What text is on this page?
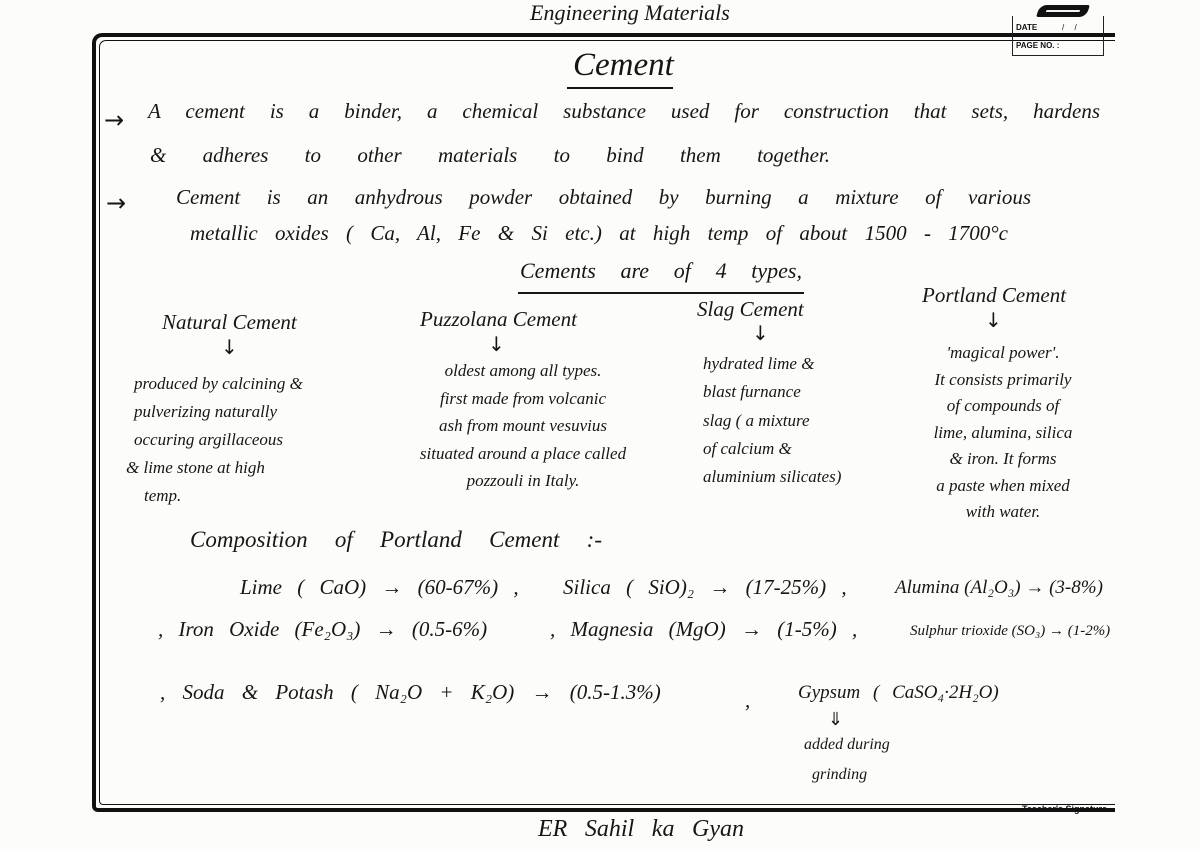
Engineering Materials
DATE	/ /
PAGE NO. :
Cement
→ A cement is a binder, a chemical substance used for construction that sets, hardens
& adheres to other materials to bind them together.
→ Cement is an anhydrous powder obtained by burning a mixture of various
metallic oxides ( Ca, Al, Fe & Si etc.) at high temp of about 1500 - 1700°c
Cements are of 4 types,
Natural Cement
↓
produced by calcining &
pulverizing naturally
occuring argillaceous
& lime stone at high
temp.
Puzzolana Cement
↓
oldest among all types.
first made from volcanic
ash from mount vesuvius
situated around a place called
pozzouli in Italy.
Slag Cement
↓
hydrated lime &
blast furnance
slag ( a mixture
of calcium &
aluminium silicates)
Portland Cement
↓
'magical power'.
It consists primarily
of compounds of
lime, alumina, silica
& iron. It forms
a paste when mixed
with water.
Composition of Portland Cement :-
Lime ( CaO) → (60-67%) , Silica ( SiO)₂ → (17-25%) ,	Alumina (Al₂O₃) → (3-8%)
, Iron Oxide (Fe₂O₃) → (0.5-6%)	, Magnesia (MgO) → (1-5%) ,	Sulphur trioxide (SO₃) → (1-2%)
, Soda & Potash ( Na₂O + K₂O) → (0.5-1.3%)	,	Gypsum ( CaSO₄·2H₂O)
⇓
added during
grinding
Teacher's Signature
ER Sahil ka Gyan
